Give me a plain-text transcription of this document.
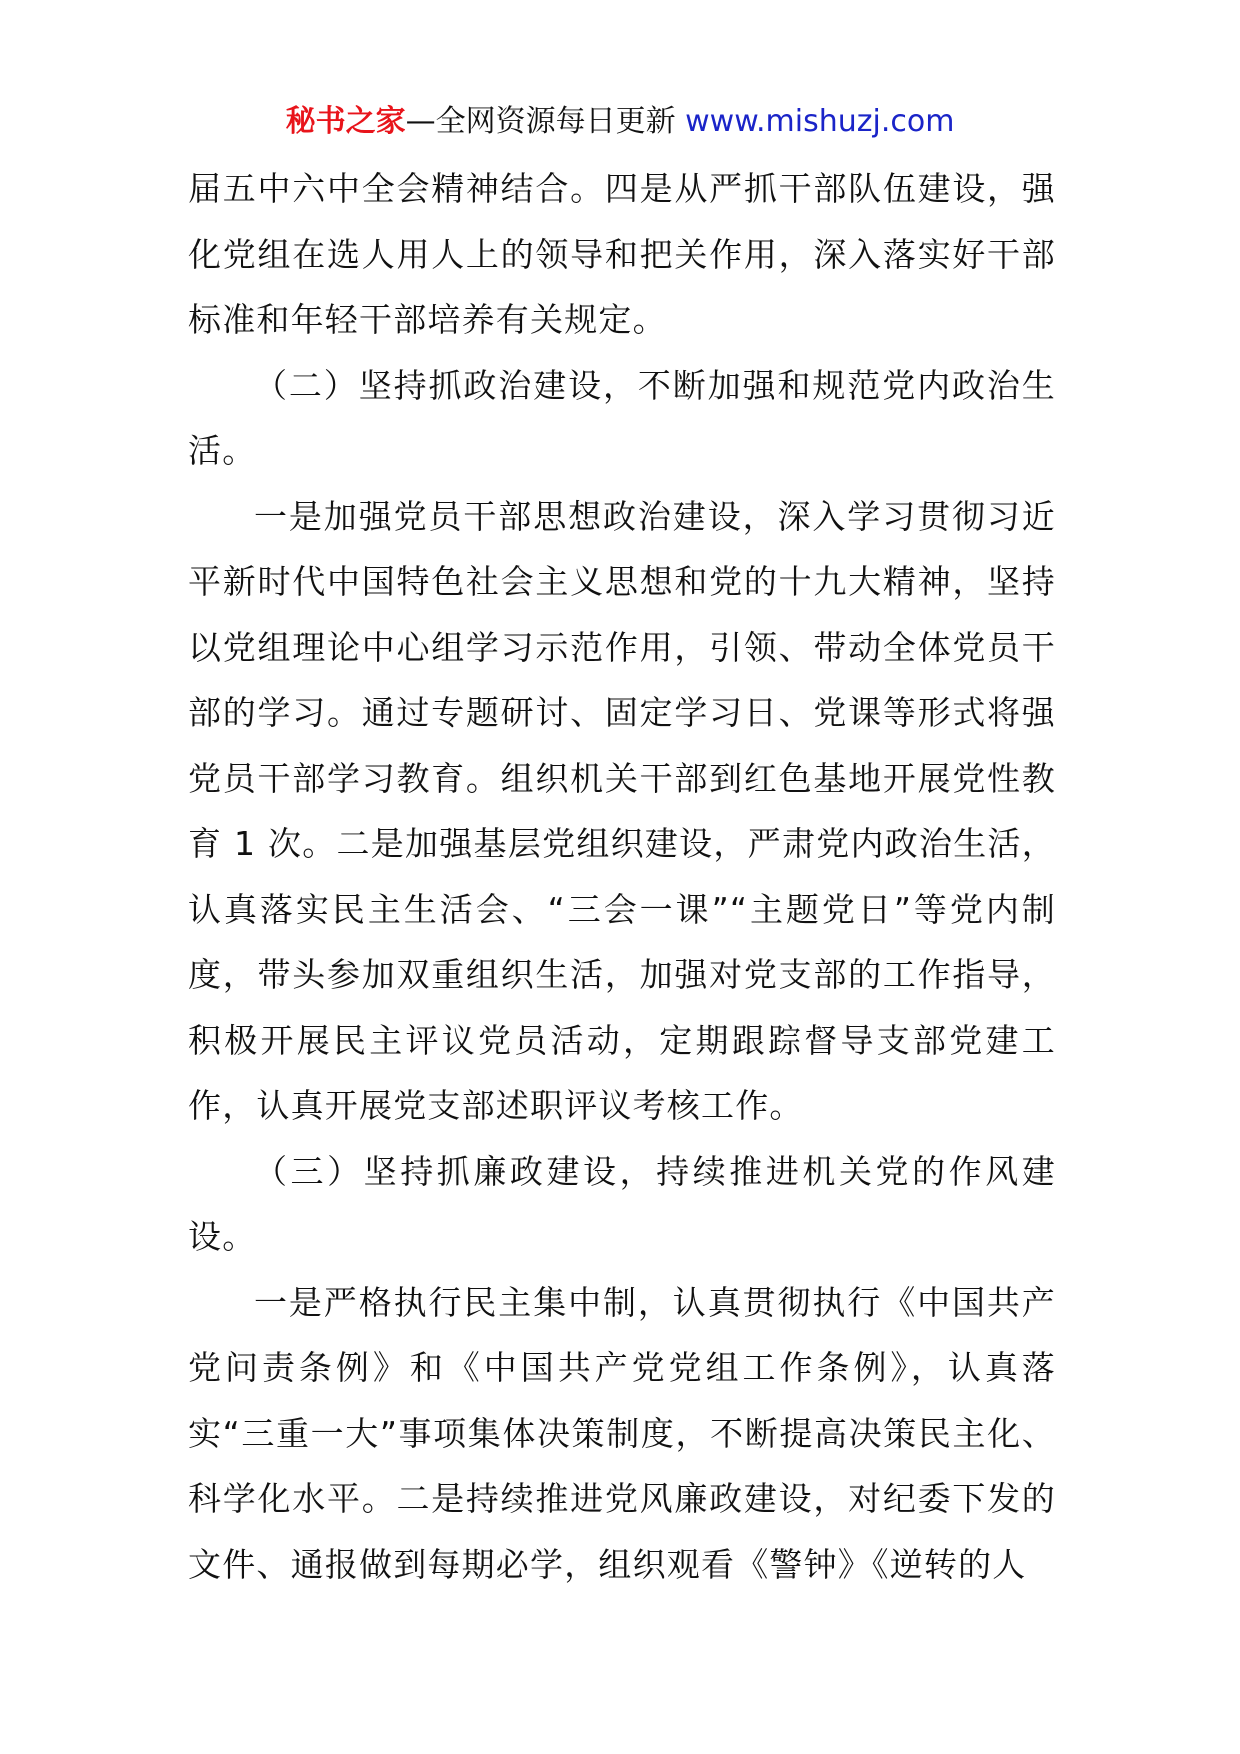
秘书之家—全网资源每日更新 www.mishuzj.com

届五中六中全会精神结合。四是从严抓干部队伍建设，强化党组在选人用人上的领导和把关作用，深入落实好干部标准和年轻干部培养有关规定。

（二）坚持抓政治建设，不断加强和规范党内政治生活。

一是加强党员干部思想政治建设，深入学习贯彻习近平新时代中国特色社会主义思想和党的十九大精神，坚持以党组理论中心组学习示范作用，引领、带动全体党员干部的学习。通过专题研讨、固定学习日、党课等形式将强党员干部学习教育。组织机关干部到红色基地开展党性教育 1 次。二是加强基层党组织建设，严肃党内政治生活，认真落实民主生活会、“三会一课”“主题党日”等党内制度，带头参加双重组织生活，加强对党支部的工作指导，积极开展民主评议党员活动，定期跟踪督导支部党建工作，认真开展党支部述职评议考核工作。

（三）坚持抓廉政建设，持续推进机关党的作风建设。

一是严格执行民主集中制，认真贯彻执行《中国共产党问责条例》和《中国共产党党组工作条例》，认真落实“三重一大”事项集体决策制度，不断提高决策民主化、科学化水平。二是持续推进党风廉政建设，对纪委下发的文件、通报做到每期必学，组织观看《警钟》《逆转的人
